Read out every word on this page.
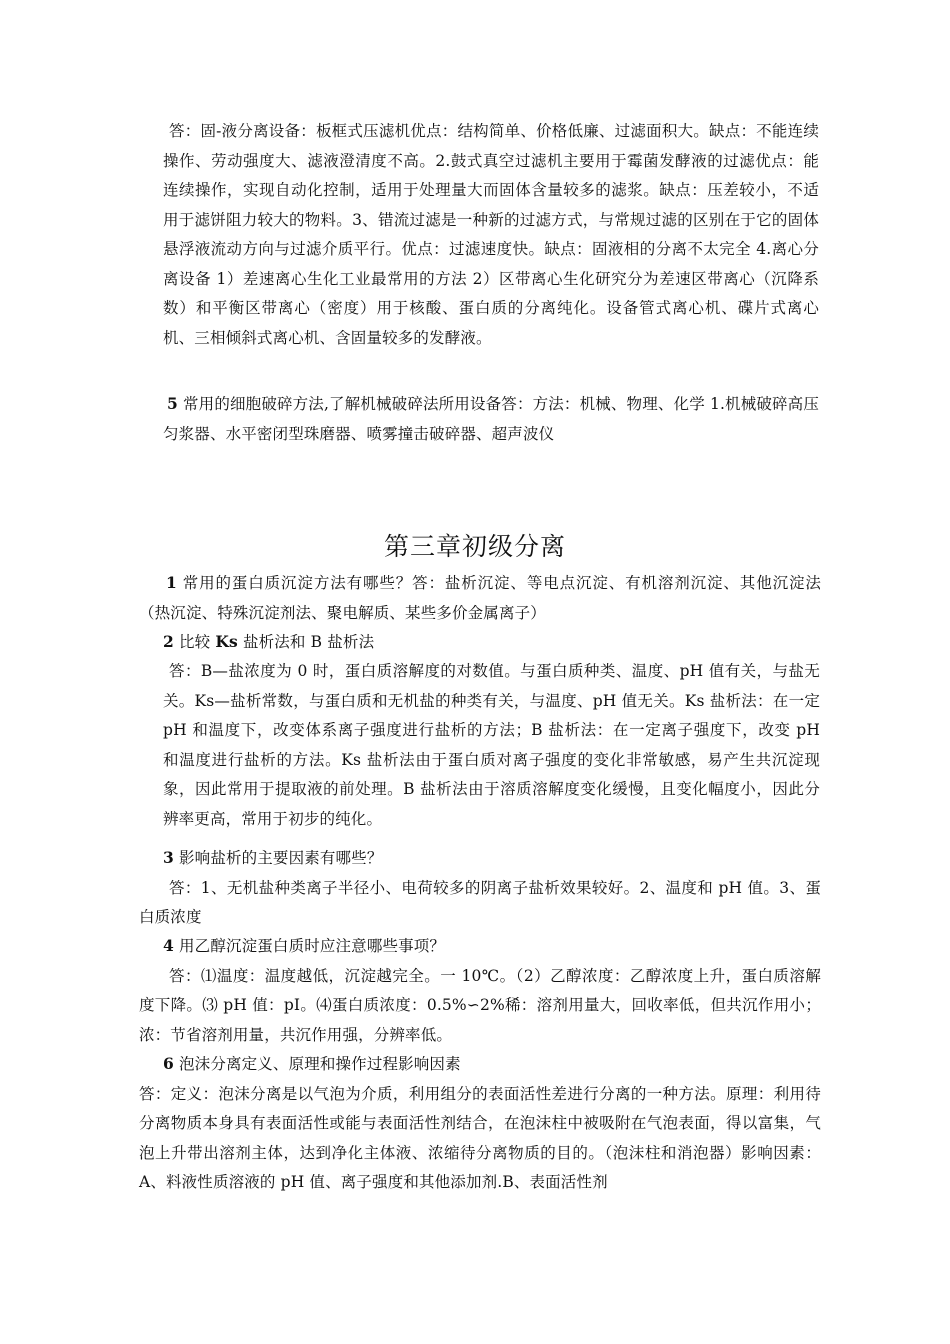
答：固-液分离设备：板框式压滤机优点：结构简单、价格低廉、过滤面积大。缺点：不能连续操作、劳动强度大、滤液澄清度不高。2.鼓式真空过滤机主要用于霉菌发酵液的过滤优点：能连续操作，实现自动化控制，适用于处理量大而固体含量较多的滤浆。缺点：压差较小，不适用于滤饼阻力较大的物料。3、错流过滤是一种新的过滤方式，与常规过滤的区别在于它的固体悬浮液流动方向与过滤介质平行。优点：过滤速度快。缺点：固液相的分离不太完全 4.离心分离设备 1）差速离心生化工业最常用的方法 2）区带离心生化研究分为差速区带离心（沉降系数）和平衡区带离心（密度）用于核酸、蛋白质的分离纯化。设备管式离心机、碟片式离心机、三相倾斜式离心机、含固量较多的发酵液。

5 常用的细胞破碎方法,了解机械破碎法所用设备答：方法：机械、物理、化学 1.机械破碎高压匀浆器、水平密闭型珠磨器、喷雾撞击破碎器、超声波仪

第三章初级分离

1 常用的蛋白质沉淀方法有哪些？答：盐析沉淀、等电点沉淀、有机溶剂沉淀、其他沉淀法（热沉淀、特殊沉淀剂法、聚电解质、某些多价金属离子）

2 比较 Ks 盐析法和 B 盐析法

答：B—盐浓度为 0 时，蛋白质溶解度的对数值。与蛋白质种类、温度、pH 值有关，与盐无关。Ks—盐析常数，与蛋白质和无机盐的种类有关，与温度、pH 值无关。Ks 盐析法：在一定 pH 和温度下，改变体系离子强度进行盐析的方法；B 盐析法：在一定离子强度下，改变 pH 和温度进行盐析的方法。Ks 盐析法由于蛋白质对离子强度的变化非常敏感，易产生共沉淀现象，因此常用于提取液的前处理。B 盐析法由于溶质溶解度变化缓慢，且变化幅度小，因此分辨率更高，常用于初步的纯化。

3 影响盐析的主要因素有哪些？

答：1、无机盐种类离子半径小、电荷较多的阴离子盐析效果较好。2、温度和 pH 值。3、蛋白质浓度

4 用乙醇沉淀蛋白质时应注意哪些事项？

答：⑴温度：温度越低，沉淀越完全。一 10℃。（2）乙醇浓度：乙醇浓度上升，蛋白质溶解度下降。⑶ pH 值：pI。⑷蛋白质浓度：0.5%∽2%稀：溶剂用量大，回收率低，但共沉作用小；浓：节省溶剂用量，共沉作用强，分辨率低。

6 泡沫分离定义、原理和操作过程影响因素

答：定义：泡沫分离是以气泡为介质，利用组分的表面活性差进行分离的一种方法。原理：利用待分离物质本身具有表面活性或能与表面活性剂结合，在泡沫柱中被吸附在气泡表面，得以富集，气泡上升带出溶剂主体，达到净化主体液、浓缩待分离物质的目的。（泡沫柱和消泡器）影响因素：A、料液性质溶液的 pH 值、离子强度和其他添加剂.B、表面活性剂
